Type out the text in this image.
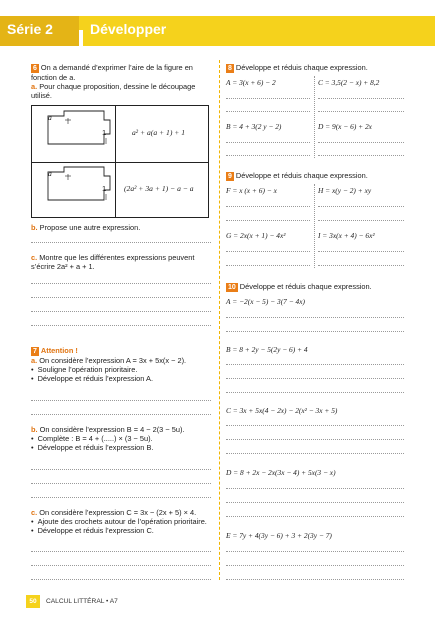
Série 2	Développer
6 On a demandé d’exprimer l’aire de la figure en
fonction de a.
a. Pour chaque proposition, dessine le découpage
utilisé.
a
1	a² + a(a + 1) + 1
a
1 (2a² + 3a + 1) − a − a
b. Propose une autre expression.
c. Montre que les différentes expressions peuvent
s’écrire 2a² + a + 1.
7 Attention !
a. On considère l’expression A = 3x + 5x(x − 2).
• Souligne l’opération prioritaire.
• Développe et réduis l’expression A.
b. On considère l’expression B = 4 − 2(3 − 5u).
• Complète : B = 4 + (.....) × (3 − 5u).
• Développe et réduis l’expression B.
c. On considère l’expression C = 3x − (2x + 5) × 4.
• Ajoute des crochets autour de l’opération prioritaire.
• Développe et réduis l’expression C.
8 Développe et réduis chaque expression.
A = 3(x + 6) − 2	C = 3,5(2 − x) + 8,2
B = 4 + 3(2 y − 2)	D = 9(x − 6) + 2x
9 Développe et réduis chaque expression.
F = x (x + 6) − x	H = x(y − 2) + xy
G = 2x(x + 1) − 4x²	I = 3x(x + 4) − 6x²
10 Développe et réduis chaque expression.
A = −2(x − 5) − 3(7 − 4x)
B = 8 + 2y − 5(2y − 6) + 4
C = 3x + 5x(4 − 2x) − 2(x² − 3x + 5)
D = 8 + 2x − 2x(3x − 4) + 5x(3 − x)
E = 7y + 4(3y − 6) + 3 + 2(3y − 7)
50	CALCUL LITTÉRAL • A7
